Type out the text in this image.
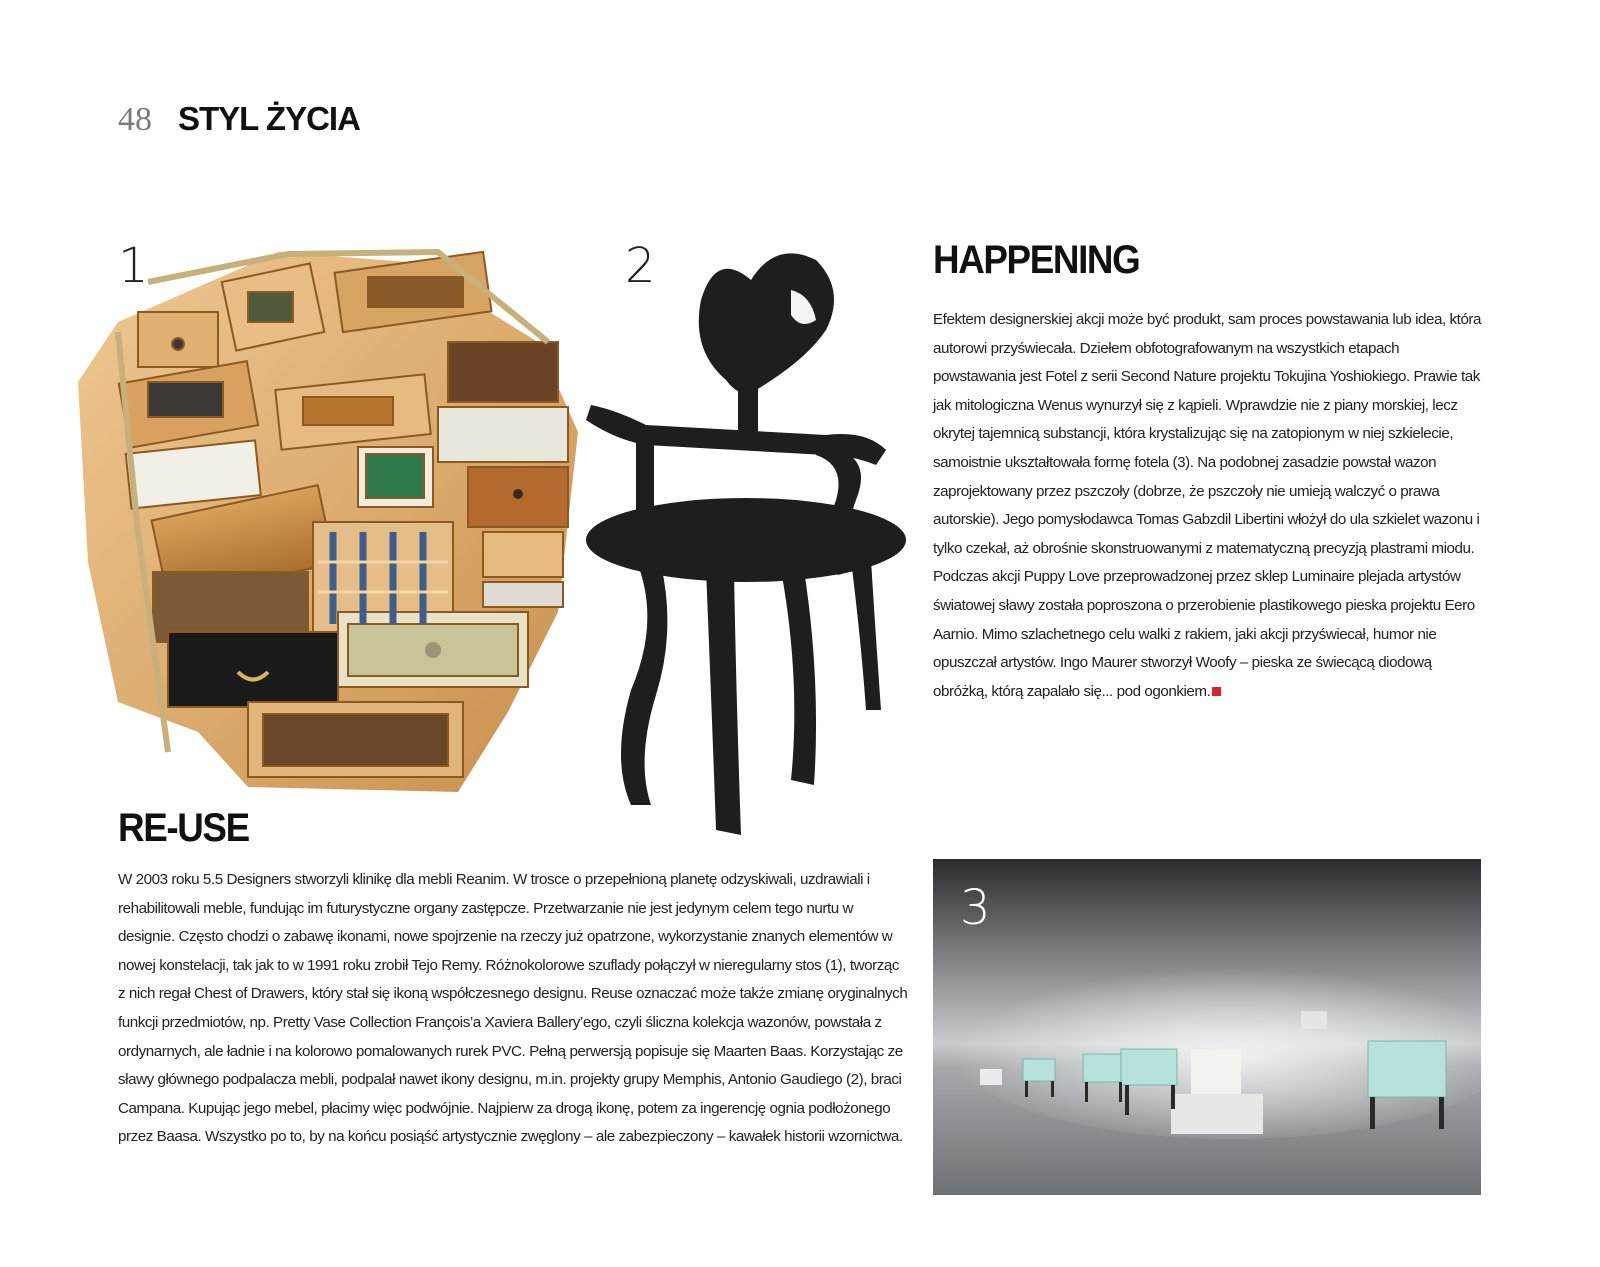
48 STYL ŻYCIA
1	2	HAPPENING

Efektem designerskiej akcji może być produkt, sam proces powstawania lub idea, która autorowi przyświecała. Dziełem obfotografowanym na wszystkich etapach powstawania jest Fotel z serii Second Nature projektu Tokujina Yoshiokiego. Prawie tak jak mitologiczna Wenus wynurzył się z kąpieli. Wprawdzie nie z piany morskiej, lecz okrytej tajemnicą substancji, która krystalizując się na zatopionym w niej szkielecie, samoistnie ukształtowała formę fotela (3). Na podobnej zasadzie powstał wazon zaprojektowany przez pszczoły (dobrze, że pszczoły nie umieją walczyć o prawa autorskie). Jego pomysłodawca Tomas Gabzdil Libertini włożył do ula szkielet wazonu i tylko czekał, aż obrośnie skonstruowanymi z matematyczną precyzją plastrami miodu.

Podczas akcji Puppy Love przeprowadzonej przez sklep Luminaire plejada artystów światowej sławy została poproszona o przerobienie plastikowego pieska projektu Eero Aarnio. Mimo szlachetnego celu walki z rakiem, jaki akcji przyświecał, humor nie opuszczał artystów. Ingo Maurer stworzył Woofy – pieska ze świecącą diodową obróżką, którą zapalało się... pod ogonkiem.

RE-USE

W 2003 roku 5.5 Designers stworzyli klinikę dla mebli Reanim. W trosce o przepełnioną planetę odzyskiwali, uzdrawiali i rehabilitowali meble, fundując im futurystyczne organy zastępcze. Przetwarzanie nie jest jedynym celem tego nurtu w designie. Często chodzi o zabawę ikonami, nowe spojrzenie na rzeczy już opatrzone, wykorzystanie znanych elementów w nowej konstelacji, tak jak to w 1991 roku zrobił Tejo Remy. Różnokolorowe szuflady połączył w nieregularny stos (1), tworząc z nich regał Chest of Drawers, który stał się ikoną współczesnego designu. Reuse oznaczać może także zmianę oryginalnych funkcji przedmiotów, np. Pretty Vase Collection François’a Xaviera Ballery’ego, czyli śliczna kolekcja wazonów, powstała z ordynarnych, ale ładnie i na kolorowo pomalowanych rurek PVC. Pełną perwersją popisuje się Maarten Baas. Korzystając ze sławy głównego podpalacza mebli, podpalał nawet ikony designu, m.in. projekty grupy Memphis, Antonio Gaudiego (2), braci Campana. Kupując jego mebel, płacimy więc podwójnie. Najpierw za drogą ikonę, potem za ingerencję ognia podłożonego przez Baasa. Wszystko po to, by na końcu posiąść artystycznie zwęglony – ale zabezpieczony – kawałek historii wzornictwa.

3
